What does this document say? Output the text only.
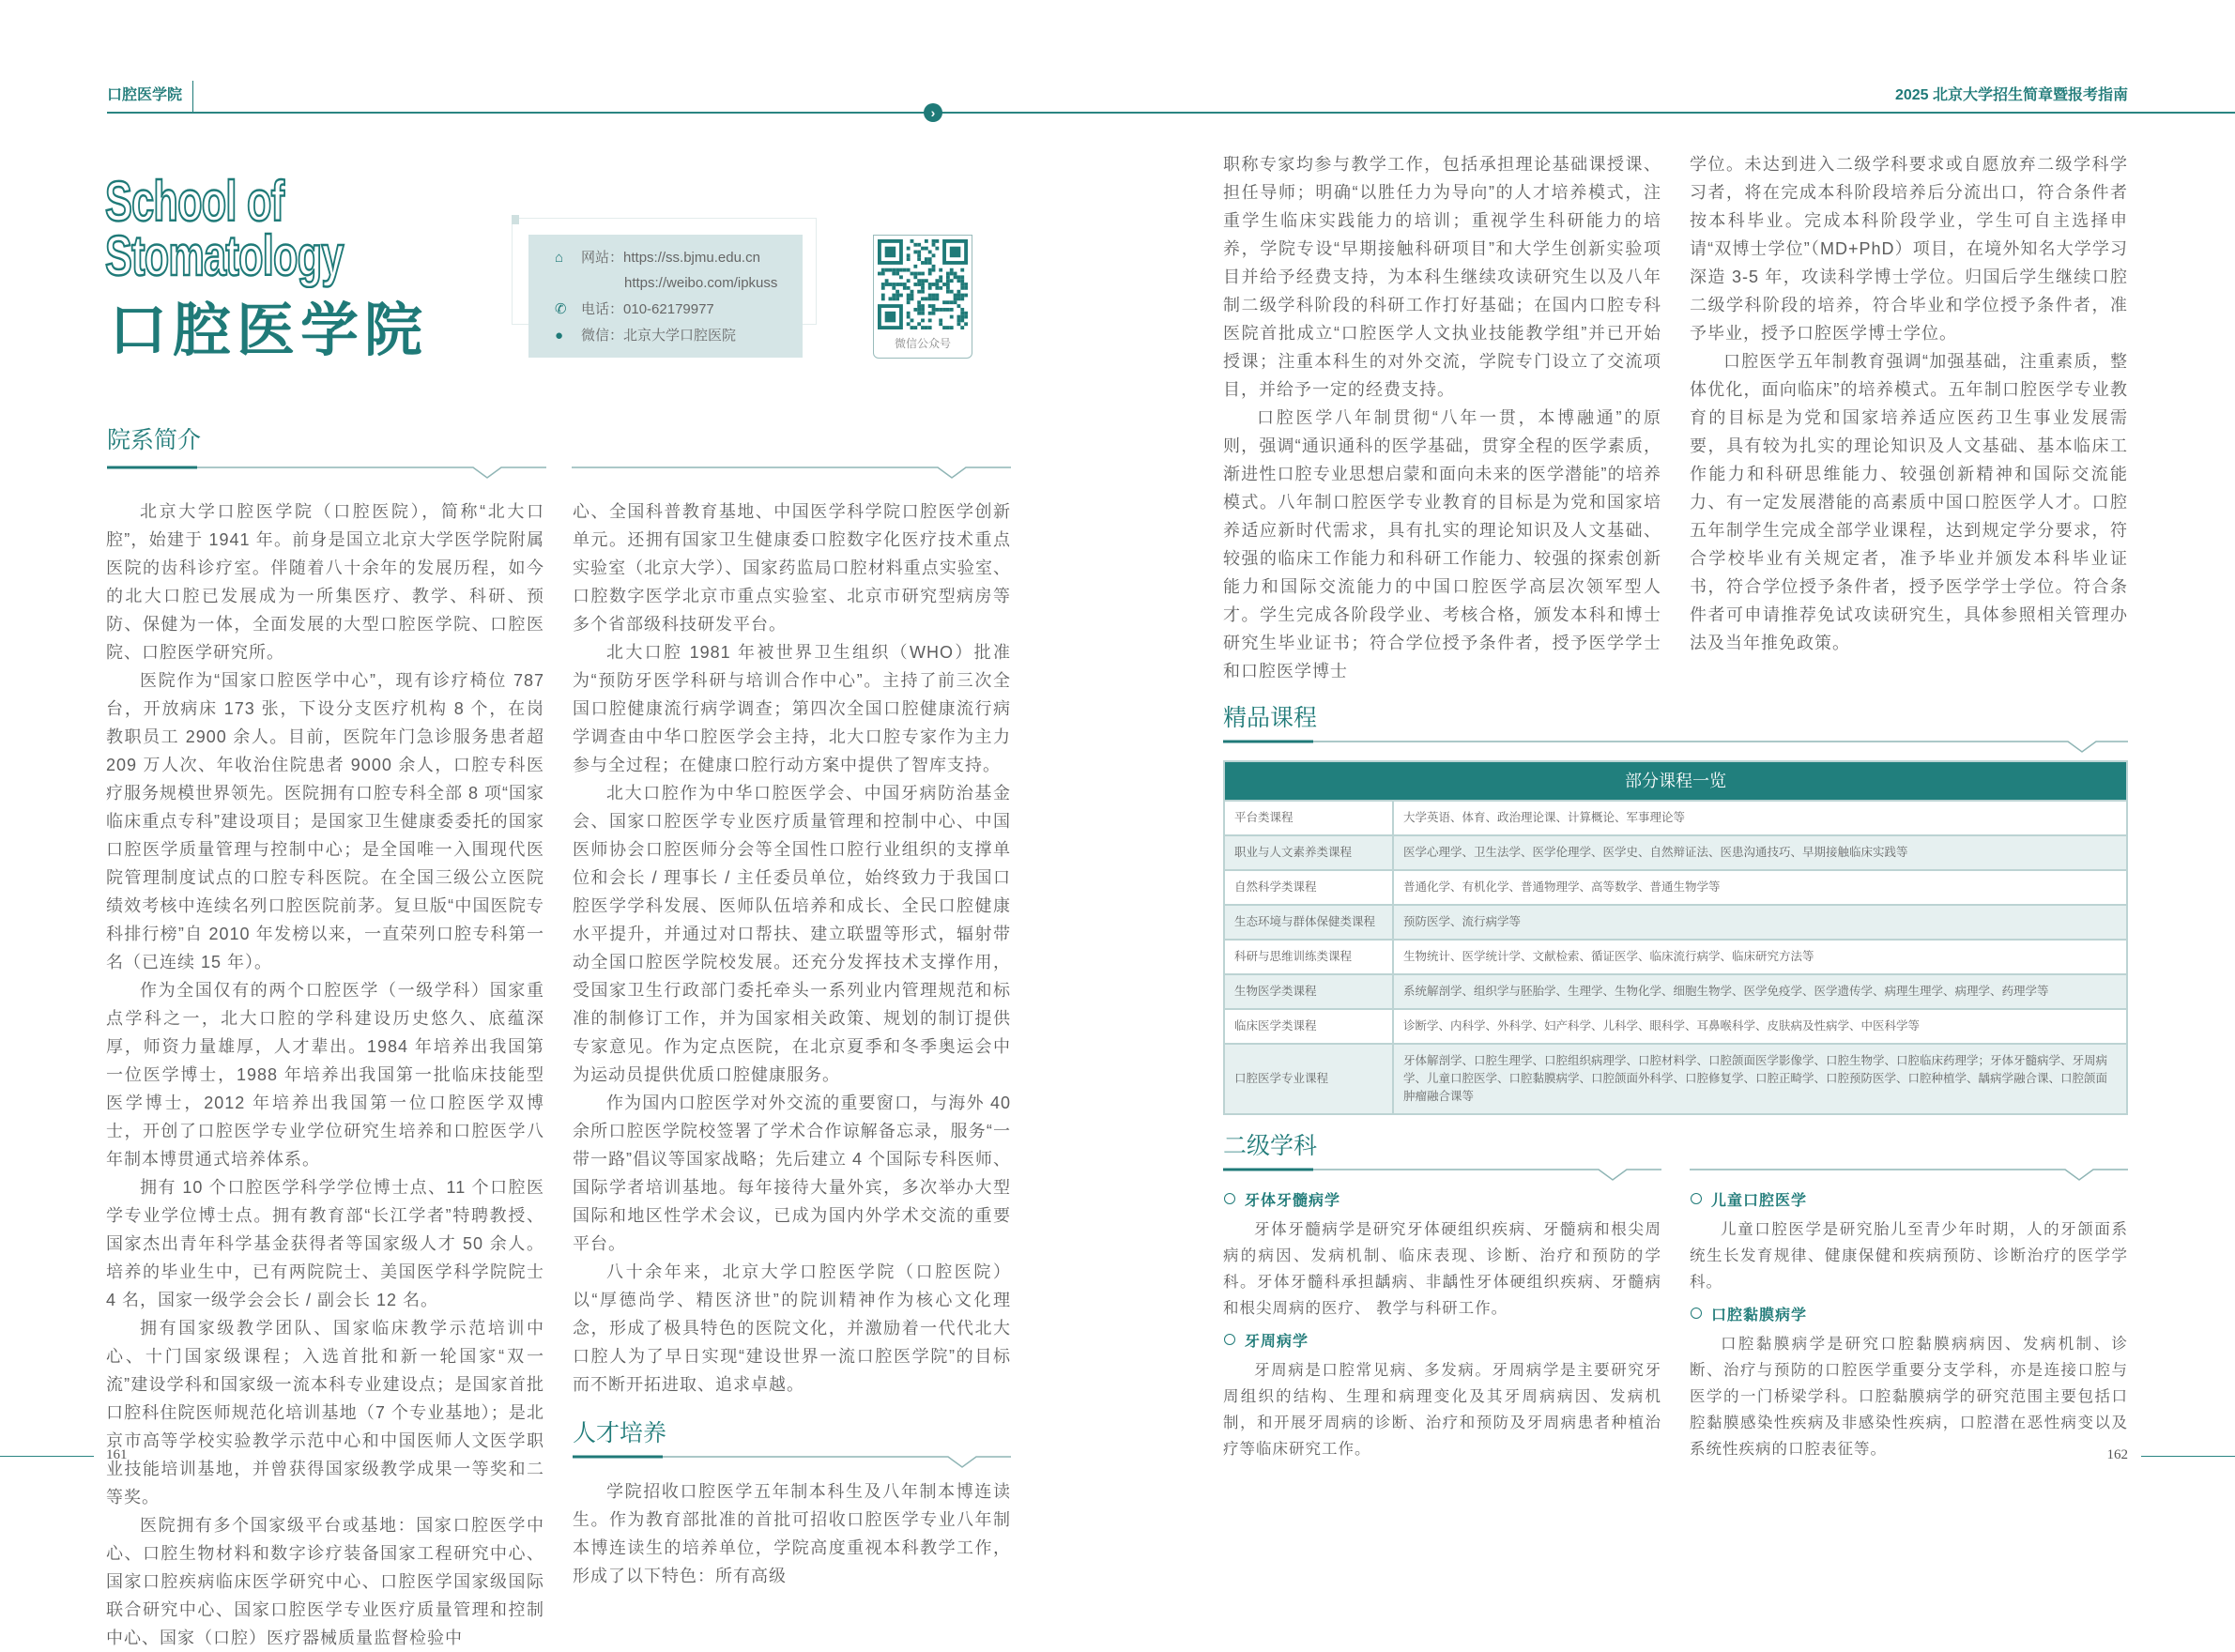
口腔医学院
›
2025 北京大学招生简章暨报考指南
School of
Stomatology
口腔医学院
⌂	网站：https://ss.bjmu.edu.cn
https://weibo.com/ipkuss
✆	电话：010-62179977
●	微信：北京大学口腔医院	微信公众号
院系简介

北京大学口腔医学院（口腔医院），简称“北大口腔”，始建于 1941 年。前身是国立北京大学医学院附属医院的齿科诊疗室。伴随着八十余年的发展历程，如今的北大口腔已发展成为一所集医疗、教学、科研、预防、保健为一体，全面发展的大型口腔医学院、口腔医院、口腔医学研究所。

医院作为“国家口腔医学中心”，现有诊疗椅位 787 台，开放病床 173 张，下设分支医疗机构 8 个，在岗教职员工 2900 余人。目前，医院年门急诊服务患者超 209 万人次、年收治住院患者 9000 余人，口腔专科医疗服务规模世界领先。医院拥有口腔专科全部 8 项“国家临床重点专科”建设项目；是国家卫生健康委委托的国家口腔医学质量管理与控制中心；是全国唯一入围现代医院管理制度试点的口腔专科医院。在全国三级公立医院绩效考核中连续名列口腔医院前茅。复旦版“中国医院专科排行榜”自 2010 年发榜以来，一直荣列口腔专科第一名（已连续 15 年）。

作为全国仅有的两个口腔医学（一级学科）国家重点学科之一，北大口腔的学科建设历史悠久、底蕴深厚，师资力量雄厚，人才辈出。1984 年培养出我国第一位医学博士，1988 年培养出我国第一批临床技能型医学博士，2012 年培养出我国第一位口腔医学双博士，开创了口腔医学专业学位研究生培养和口腔医学八年制本博贯通式培养体系。

拥有 10 个口腔医学科学学位博士点、11 个口腔医学专业学位博士点。拥有教育部“长江学者”特聘教授、国家杰出青年科学基金获得者等国家级人才 50 余人。培养的毕业生中，已有两院院士、美国医学科学院院士 4 名，国家一级学会会长 / 副会长 12 名。

拥有国家级教学团队、国家临床教学示范培训中心、十门国家级课程；入选首批和新一轮国家“双一流”建设学科和国家级一流本科专业建设点；是国家首批口腔科住院医师规范化培训基地（7 个专业基地）；是北京市高等学校实验教学示范中心和中国医师人文医学职业技能培训基地，并曾获得国家级教学成果一等奖和二等奖。

医院拥有多个国家级平台或基地：国家口腔医学中心、口腔生物材料和数字诊疗装备国家工程研究中心、国家口腔疾病临床医学研究中心、口腔医学国家级国际联合研究中心、国家口腔医学专业医疗质量管理和控制中心、国家（口腔）医疗器械质量监督检验中

心、全国科普教育基地、中国医学科学院口腔医学创新单元。还拥有国家卫生健康委口腔数字化医疗技术重点实验室（北京大学）、国家药监局口腔材料重点实验室、口腔数字医学北京市重点实验室、北京市研究型病房等多个省部级科技研发平台。

北大口腔 1981 年被世界卫生组织（WHO）批准为“预防牙医学科研与培训合作中心”。主持了前三次全国口腔健康流行病学调查；第四次全国口腔健康流行病学调查由中华口腔医学会主持，北大口腔专家作为主力参与全过程；在健康口腔行动方案中提供了智库支持。

北大口腔作为中华口腔医学会、中国牙病防治基金会、国家口腔医学专业医疗质量管理和控制中心、中国医师协会口腔医师分会等全国性口腔行业组织的支撑单位和会长 / 理事长 / 主任委员单位，始终致力于我国口腔医学学科发展、医师队伍培养和成长、全民口腔健康水平提升，并通过对口帮扶、建立联盟等形式，辐射带动全国口腔医学院校发展。还充分发挥技术支撑作用，受国家卫生行政部门委托牵头一系列业内管理规范和标准的制修订工作，并为国家相关政策、规划的制订提供专家意见。作为定点医院，在北京夏季和冬季奥运会中为运动员提供优质口腔健康服务。

作为国内口腔医学对外交流的重要窗口，与海外 40 余所口腔医学院校签署了学术合作谅解备忘录，服务“一带一路”倡议等国家战略；先后建立 4 个国际专科医师、国际学者培训基地。每年接待大量外宾，多次举办大型国际和地区性学术会议，已成为国内外学术交流的重要平台。

八十余年来，北京大学口腔医学院（口腔医院）以“厚德尚学、精医济世”的院训精神作为核心文化理念，形成了极具特色的医院文化，并激励着一代代北大口腔人为了早日实现“建设世界一流口腔医学院”的目标而不断开拓进取、追求卓越。

人才培养

学院招收口腔医学五年制本科生及八年制本博连读生。作为教育部批准的首批可招收口腔医学专业八年制本博连读生的培养单位，学院高度重视本科教学工作，形成了以下特色：所有高级

职称专家均参与教学工作，包括承担理论基础课授课、担任导师；明确“以胜任力为导向”的人才培养模式，注重学生临床实践能力的培训；重视学生科研能力的培养，学院专设“早期接触科研项目”和大学生创新实验项目并给予经费支持，为本科生继续攻读研究生以及八年制二级学科阶段的科研工作打好基础；在国内口腔专科医院首批成立“口腔医学人文执业技能教学组”并已开始授课；注重本科生的对外交流，学院专门设立了交流项目，并给予一定的经费支持。

口腔医学八年制贯彻“八年一贯，本博融通”的原则，强调“通识通科的医学基础，贯穿全程的医学素质，渐进性口腔专业思想启蒙和面向未来的医学潜能”的培养模式。八年制口腔医学专业教育的目标是为党和国家培养适应新时代需求，具有扎实的理论知识及人文基础、较强的临床工作能力和科研工作能力、较强的探索创新能力和国际交流能力的中国口腔医学高层次领军型人才。学生完成各阶段学业、考核合格，颁发本科和博士研究生毕业证书；符合学位授予条件者，授予医学学士和口腔医学博士

学位。未达到进入二级学科要求或自愿放弃二级学科学习者，将在完成本科阶段培养后分流出口，符合条件者按本科毕业。完成本科阶段学业，学生可自主选择申请“双博士学位”（MD+PhD）项目，在境外知名大学学习深造 3-5 年，攻读科学博士学位。归国后学生继续口腔二级学科阶段的培养，符合毕业和学位授予条件者，准予毕业，授予口腔医学博士学位。

口腔医学五年制教育强调“加强基础，注重素质，整体优化，面向临床”的培养模式。五年制口腔医学专业教育的目标是为党和国家培养适应医药卫生事业发展需要，具有较为扎实的理论知识及人文基础、基本临床工作能力和科研思维能力、较强创新精神和国际交流能力、有一定发展潜能的高素质中国口腔医学人才。口腔五年制学生完成全部学业课程，达到规定学分要求，符合学校毕业有关规定者，准予毕业并颁发本科毕业证书，符合学位授予条件者，授予医学学士学位。符合条件者可申请推荐免试攻读研究生，具体参照相关管理办法及当年推免政策。

精品课程
部分课程一览	
平台类课程	大学英语、体育、政治理论课、计算概论、军事理论等
职业与人文素养类课程	医学心理学、卫生法学、医学伦理学、医学史、自然辩证法、医患沟通技巧、早期接触临床实践等
自然科学类课程	普通化学、有机化学、普通物理学、高等数学、普通生物学等
生态环境与群体保健类课程	预防医学、流行病学等
科研与思维训练类课程	生物统计、医学统计学、文献检索、循证医学、临床流行病学、临床研究方法等
生物医学类课程	系统解剖学、组织学与胚胎学、生理学、生物化学、细胞生物学、医学免疫学、医学遗传学、病理生理学、病理学、药理学等
临床医学类课程	诊断学、内科学、外科学、妇产科学、儿科学、眼科学、耳鼻喉科学、皮肤病及性病学、中医科学等
口腔医学专业课程	牙体解剖学、口腔生理学、口腔组织病理学、口腔材料学、口腔颌面医学影像学、口腔生物学、口腔临床药理学；牙体牙髓病学、牙周病学、儿童口腔医学、口腔黏膜病学、口腔颌面外科学、口腔修复学、口腔正畸学、口腔预防医学、口腔种植学、龋病学融合课、口腔颌面肿瘤融合课等
二级学科
牙体牙髓病学

牙体牙髓病学是研究牙体硬组织疾病、牙髓病和根尖周病的病因、发病机制、临床表现、诊断、治疗和预防的学科。牙体牙髓科承担龋病、非龋性牙体硬组织疾病、牙髓病和根尖周病的医疗、 教学与科研工作。

牙周病学

牙周病是口腔常见病、多发病。牙周病学是主要研究牙周组织的结构、生理和病理变化及其牙周病病因、发病机制，和开展牙周病的诊断、治疗和预防及牙周病患者种植治疗等临床研究工作。

儿童口腔医学

儿童口腔医学是研究胎儿至青少年时期，人的牙颌面系统生长发育规律、健康保健和疾病预防、诊断治疗的医学学科。

口腔黏膜病学

口腔黏膜病学是研究口腔黏膜病病因、发病机制、诊断、治疗与预防的口腔医学重要分支学科，亦是连接口腔与医学的一门桥梁学科。口腔黏膜病学的研究范围主要包括口腔黏膜感染性疾病及非感染性疾病，口腔潜在恶性病变以及系统性疾病的口腔表征等。

161	162
